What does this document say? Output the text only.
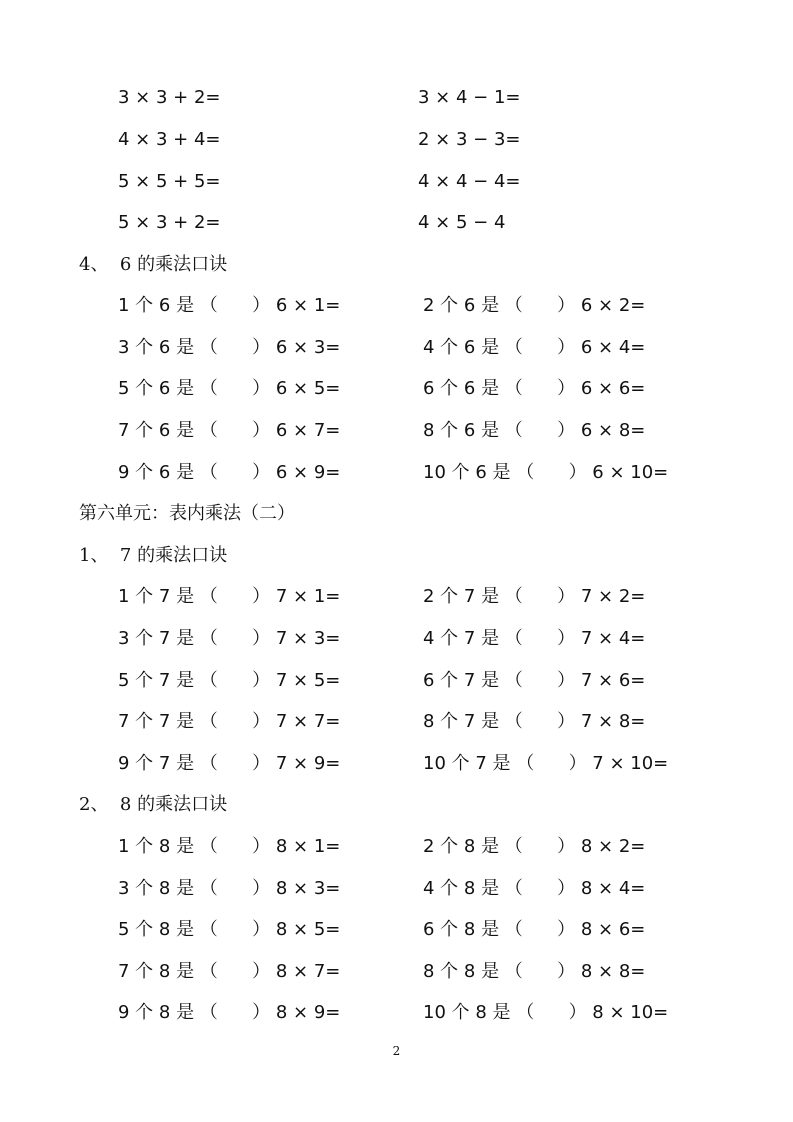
3 × 3 + 2=	3 × 4 − 1=
4 × 3 + 4=	2 × 3 − 3=
5 × 5 + 5=	4 × 4 − 4=
5 × 3 + 2=	4 × 5 − 4
4、  6 的乘法口诀
1 个 6 是 （      ） 6 × 1=	2 个 6 是 （      ） 6 × 2=
3 个 6 是 （      ） 6 × 3=	4 个 6 是 （      ） 6 × 4=
5 个 6 是 （      ） 6 × 5=	6 个 6 是 （      ） 6 × 6=
7 个 6 是 （      ） 6 × 7=	8 个 6 是 （      ） 6 × 8=
9 个 6 是 （      ） 6 × 9=	10 个 6 是 （      ） 6 × 10=
第六单元：表内乘法（二）
1、  7 的乘法口诀
1 个 7 是 （      ） 7 × 1=	2 个 7 是 （      ） 7 × 2=
3 个 7 是 （      ） 7 × 3=	4 个 7 是 （      ） 7 × 4=
5 个 7 是 （      ） 7 × 5=	6 个 7 是 （      ） 7 × 6=
7 个 7 是 （      ） 7 × 7=	8 个 7 是 （      ） 7 × 8=
9 个 7 是 （      ） 7 × 9=	10 个 7 是 （      ） 7 × 10=
2、  8 的乘法口诀
1 个 8 是 （      ） 8 × 1=	2 个 8 是 （      ） 8 × 2=
3 个 8 是 （      ） 8 × 3=	4 个 8 是 （      ） 8 × 4=
5 个 8 是 （      ） 8 × 5=	6 个 8 是 （      ） 8 × 6=
7 个 8 是 （      ） 8 × 7=	8 个 8 是 （      ） 8 × 8=
9 个 8 是 （      ） 8 × 9=	10 个 8 是 （      ） 8 × 10=
2
